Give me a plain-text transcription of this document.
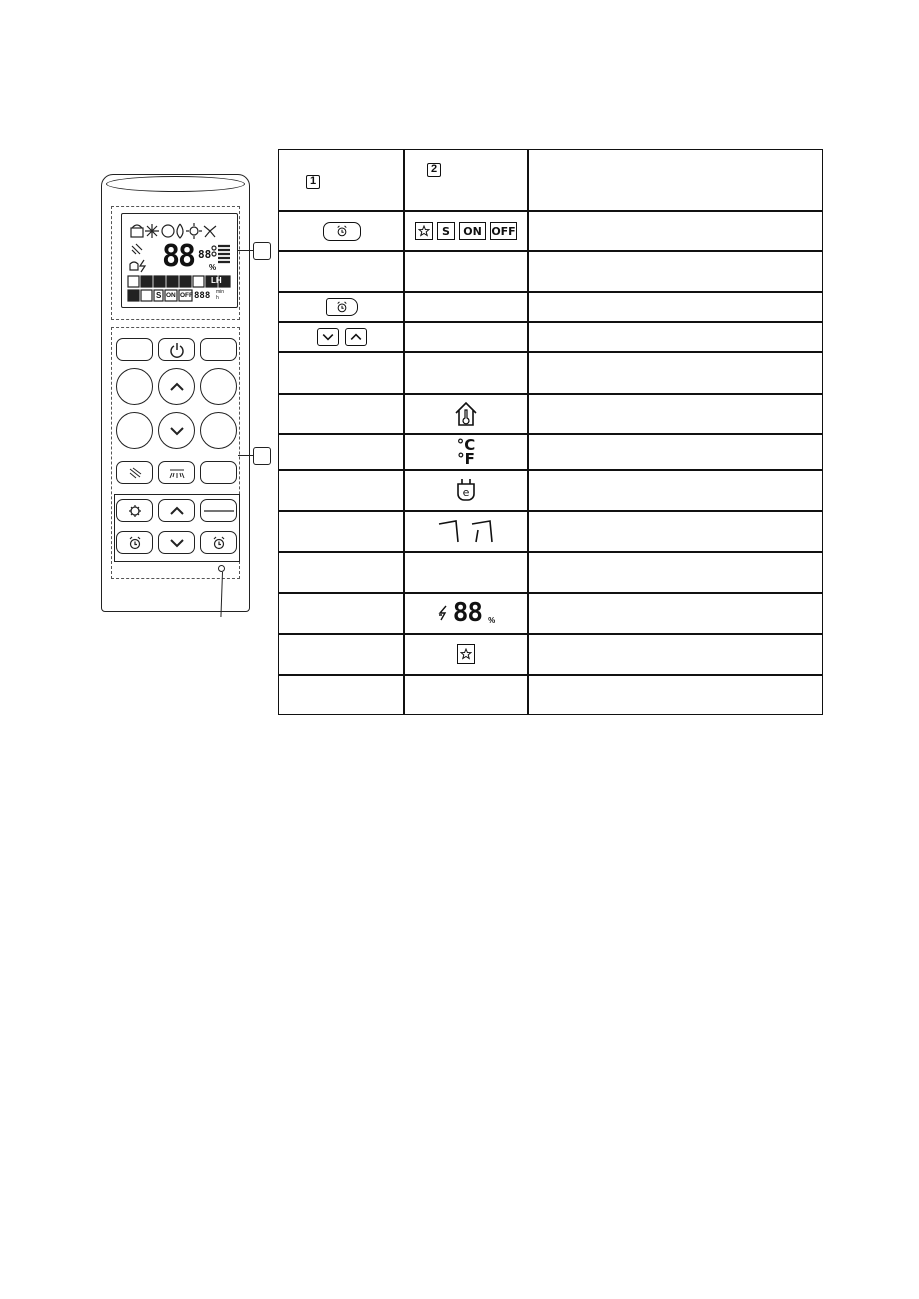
88 88
%
LH
S ON OFF 888 min
h
1
2
S	ON OFF
°C
°F
e
88 %
